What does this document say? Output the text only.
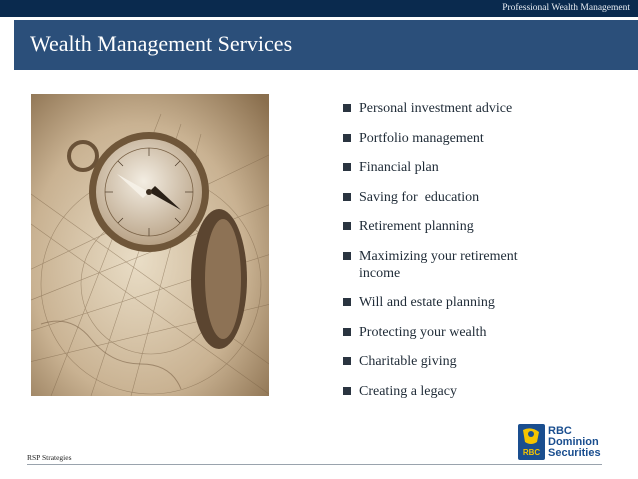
Professional Wealth Management
Wealth Management Services
Personal investment advice
Portfolio management
Financial plan
Saving for  education
Retirement planning
Maximizing your retirement income
Will and estate planning
Protecting your wealth
Charitable giving
Creating a legacy
RBC
RBC
Dominion
Securities
RSP Strategies
